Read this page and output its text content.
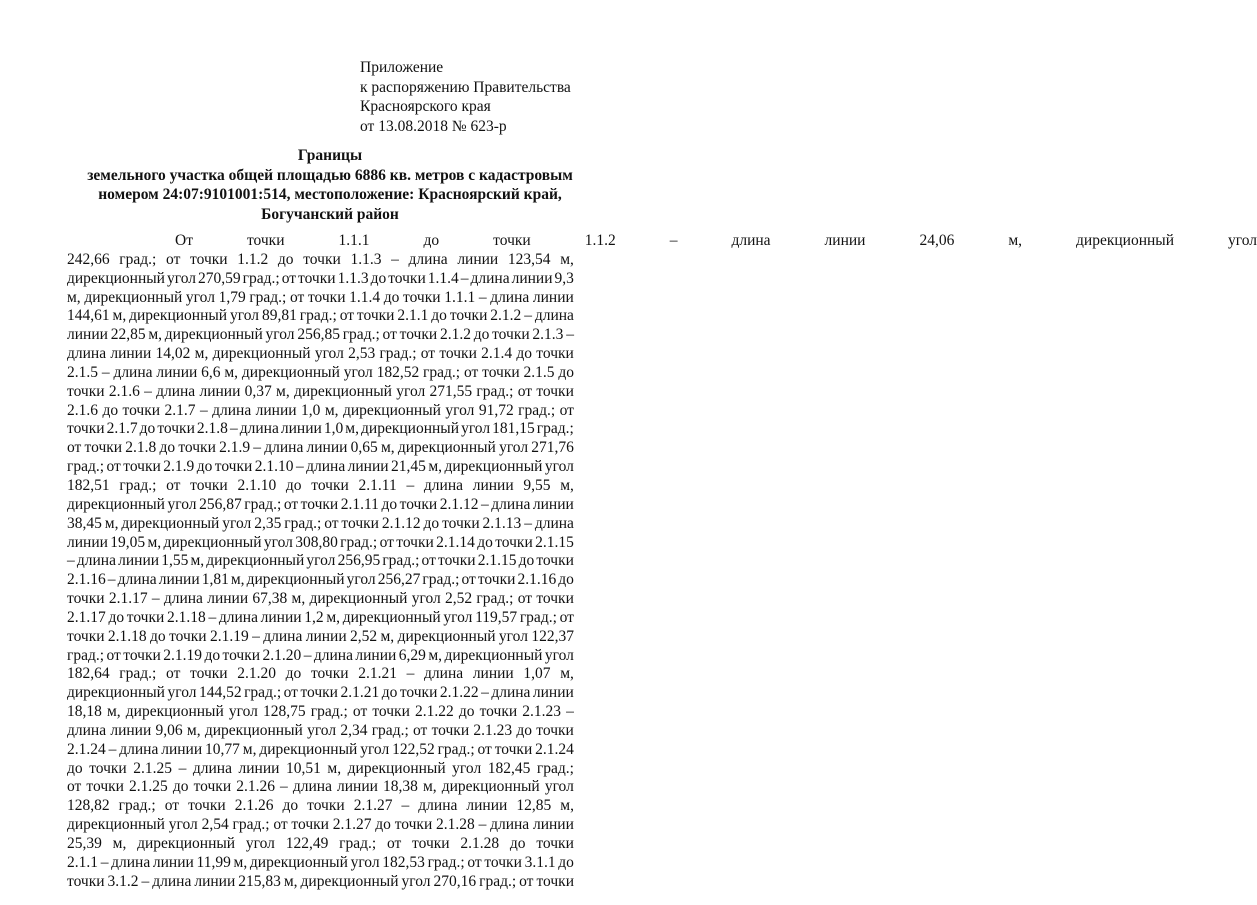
Приложение
к распоряжению Правительства
Красноярского края
от 13.08.2018 № 623-р
Границы
земельного участка общей площадью 6886 кв. метров с кадастровым
номером 24:07:9101001:514, местоположение: Красноярский край,
Богучанский район
От	точки	1.1.1	до	точки	1.1.2	–	длина	линии	24,06	м,	дирекционный	угол
242,66 град.; от точки 1.1.2 до точки 1.1.3 – длина линии 123,54 м,
дирекционный угол 270,59 град.; от точки 1.1.3 до точки 1.1.4 – длина линии 9,3
м, дирекционный угол 1,79 град.; от точки 1.1.4 до точки 1.1.1 – длина линии
144,61 м, дирекционный угол 89,81 град.; от точки 2.1.1 до точки 2.1.2 – длина
линии 22,85 м, дирекционный угол 256,85 град.; от точки 2.1.2 до точки 2.1.3 –
длина линии 14,02 м, дирекционный угол 2,53 град.; от точки 2.1.4 до точки
2.1.5 – длина линии 6,6 м, дирекционный угол 182,52 град.; от точки 2.1.5 до
точки 2.1.6 – длина линии 0,37 м, дирекционный угол 271,55 град.; от точки
2.1.6 до точки 2.1.7 – длина линии 1,0 м, дирекционный угол 91,72 град.; от
точки 2.1.7 до точки 2.1.8 – длина линии 1,0 м, дирекционный угол 181,15 град.;
от точки 2.1.8 до точки 2.1.9 – длина линии 0,65 м, дирекционный угол 271,76
град.; от точки 2.1.9 до точки 2.1.10 – длина линии 21,45 м, дирекционный угол
182,51 град.; от точки 2.1.10 до точки 2.1.11 – длина линии 9,55 м,
дирекционный угол 256,87 град.; от точки 2.1.11 до точки 2.1.12 – длина линии
38,45 м, дирекционный угол 2,35 град.; от точки 2.1.12 до точки 2.1.13 – длина
линии 19,05 м, дирекционный угол 308,80 град.; от точки 2.1.14 до точки 2.1.15
– длина линии 1,55 м, дирекционный угол 256,95 град.; от точки 2.1.15 до точки
2.1.16 – длина линии 1,81 м, дирекционный угол 256,27 град.; от точки 2.1.16 до
точки 2.1.17 – длина линии 67,38 м, дирекционный угол 2,52 град.; от точки
2.1.17 до точки 2.1.18 – длина линии 1,2 м, дирекционный угол 119,57 град.; от
точки 2.1.18 до точки 2.1.19 – длина линии 2,52 м, дирекционный угол 122,37
град.; от точки 2.1.19 до точки 2.1.20 – длина линии 6,29 м, дирекционный угол
182,64 град.; от точки 2.1.20 до точки 2.1.21 – длина линии 1,07 м,
дирекционный угол 144,52 град.; от точки 2.1.21 до точки 2.1.22 – длина линии
18,18 м, дирекционный угол 128,75 град.; от точки 2.1.22 до точки 2.1.23 –
длина линии 9,06 м, дирекционный угол 2,34 град.; от точки 2.1.23 до точки
2.1.24 – длина линии 10,77 м, дирекционный угол 122,52 град.; от точки 2.1.24
до точки 2.1.25 – длина линии 10,51 м, дирекционный угол 182,45 град.;
от точки 2.1.25 до точки 2.1.26 – длина линии 18,38 м, дирекционный угол
128,82 град.; от точки 2.1.26 до точки 2.1.27 – длина линии 12,85 м,
дирекционный угол 2,54 град.; от точки 2.1.27 до точки 2.1.28 – длина линии
25,39 м, дирекционный угол 122,49 град.; от точки 2.1.28 до точки
2.1.1 – длина линии 11,99 м, дирекционный угол 182,53 град.; от точки 3.1.1 до
точки 3.1.2 – длина линии 215,83 м, дирекционный угол 270,16 град.; от точки
